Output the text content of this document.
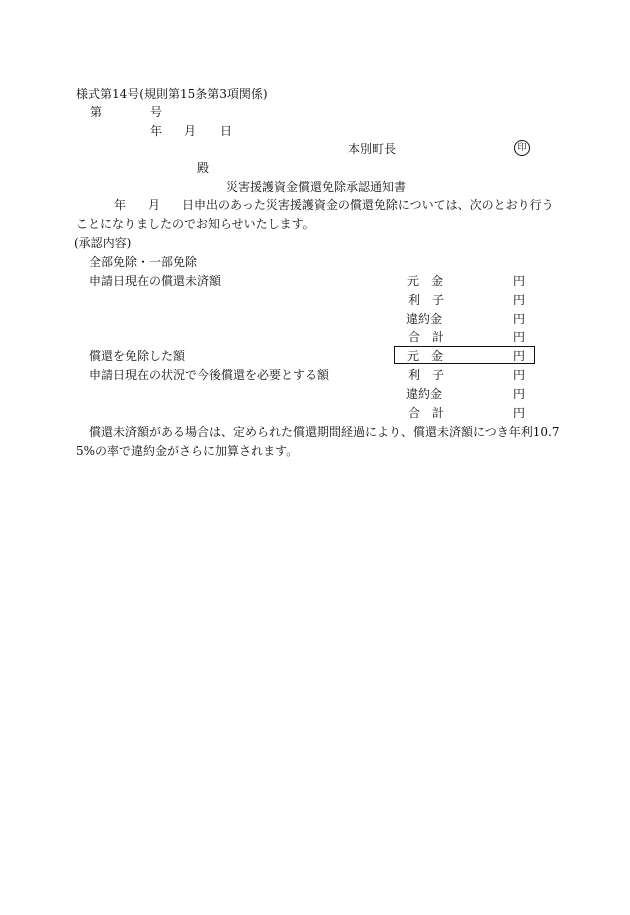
様式第14号(規則第15条第3項関係)
第	号
年 月 日
本別町長	印
殿
災害援護資金償還免除承認通知書
年 月 日申出のあった災害援護資金の償還免除については、次のとおり行う
ことになりましたのでお知らせいたします。
(承認内容)
全部免除・一部免除
申請日現在の償還未済額	元　金	円
利　子	円
違約金	円
合　計	円
償還を免除した額	元　金	円
申請日現在の状況で今後償還を必要とする額	利　子	円
違約金	円
合　計	円
償還未済額がある場合は、定められた償還期間経過により、償還未済額につき年利10.7
5%の率で違約金がさらに加算されます。
